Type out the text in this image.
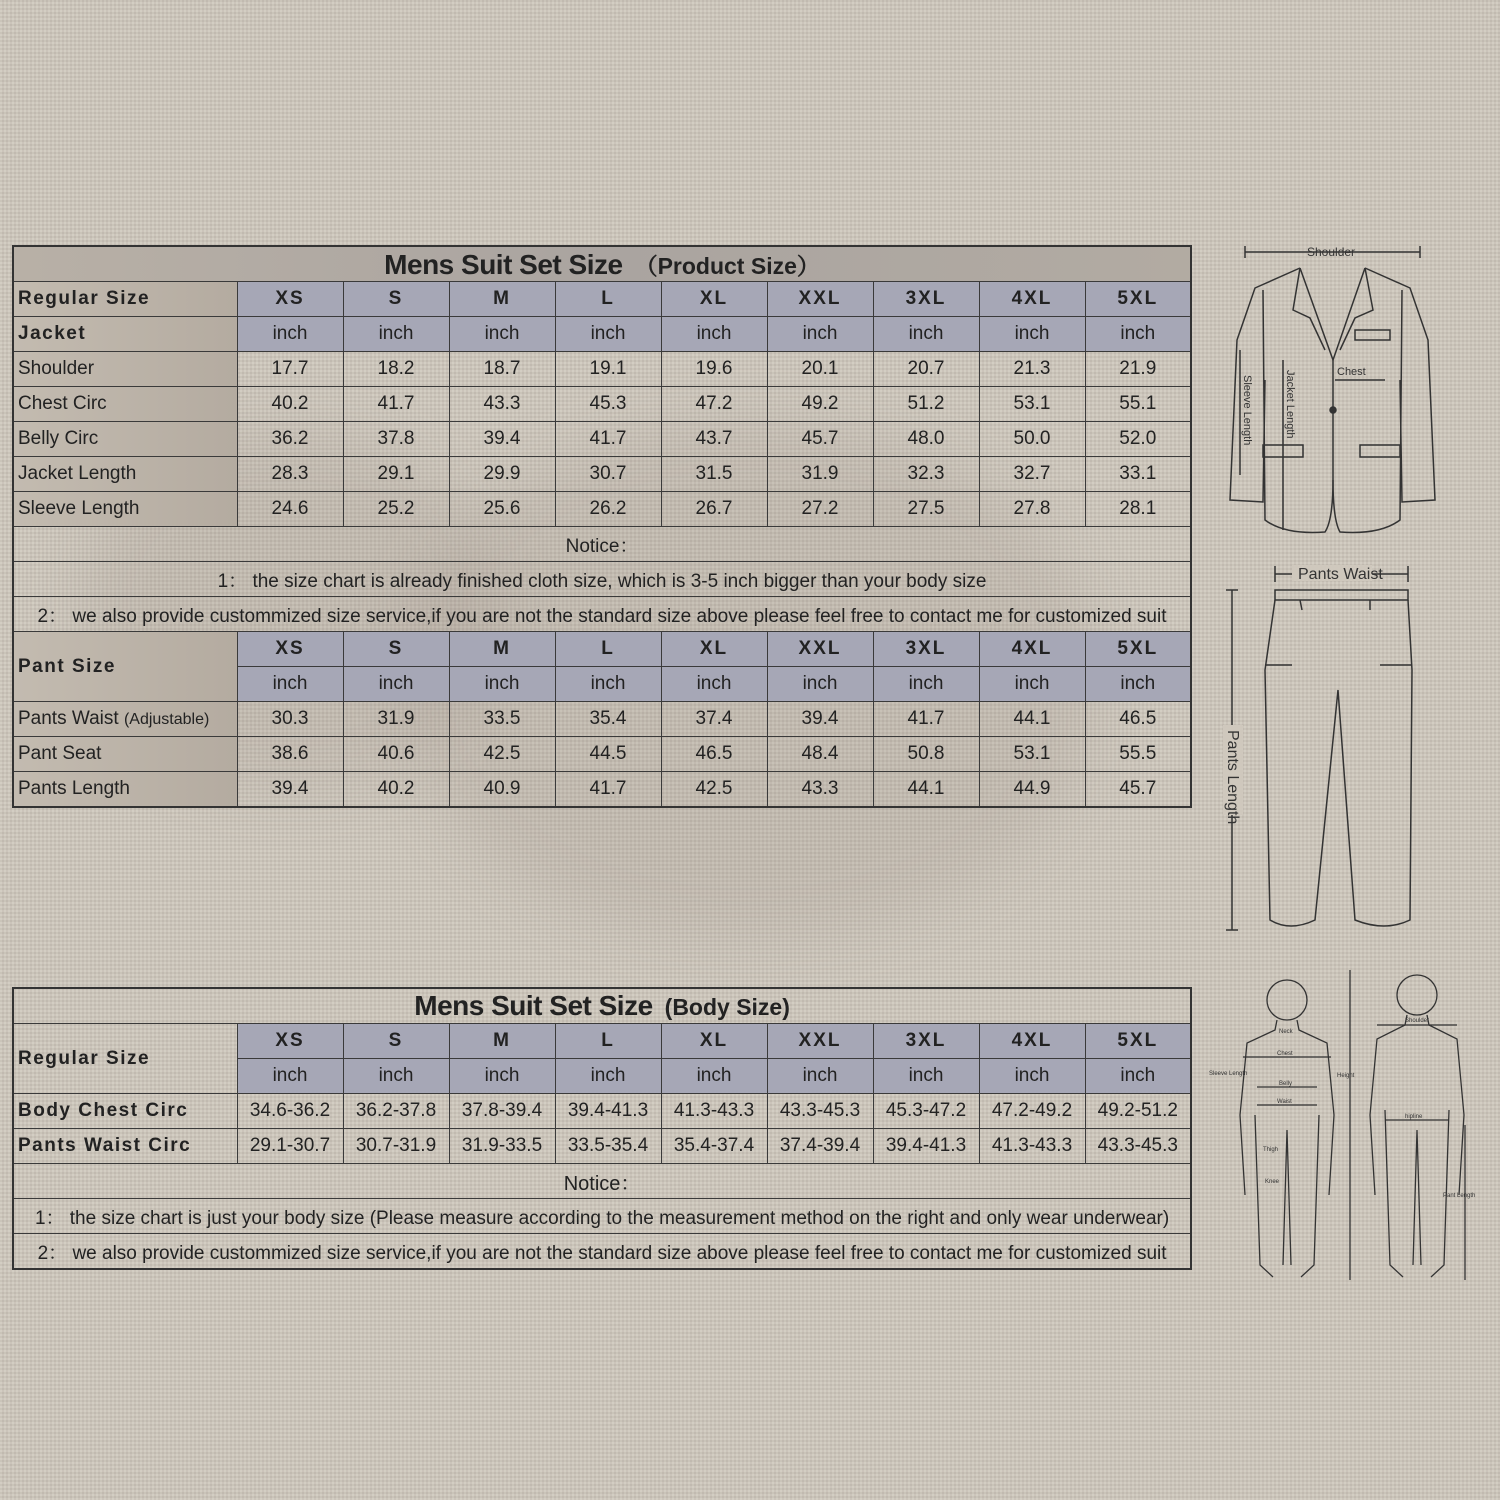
Mens Suit Set Size （Product Size）									
Regular Size	XS	S	M	L	XL	XXL	3XL	4XL	5XL
Jacket	inch	inch	inch	inch	inch	inch	inch	inch	inch
Shoulder	17.7	18.2	18.7	19.1	19.6	20.1	20.7	21.3	21.9
Chest Circ	40.2	41.7	43.3	45.3	47.2	49.2	51.2	53.1	55.1
Belly Circ	36.2	37.8	39.4	41.7	43.7	45.7	48.0	50.0	52.0
Jacket Length	28.3	29.1	29.9	30.7	31.5	31.9	32.3	32.7	33.1
Sleeve Length	24.6	25.2	25.6	26.2	26.7	27.2	27.5	27.8	28.1
Notice：									
1： the size chart is already finished cloth size, which is 3-5 inch bigger than your body size									
2： we also provide custommized size service,if you are not the standard size above please feel free to contact me for customized suit									
Pant Size	XS	S	M	L	XL	XXL	3XL	4XL	5XL
	inch	inch	inch	inch	inch	inch	inch	inch	inch
Pants Waist (Adjustable)	30.3	31.9	33.5	35.4	37.4	39.4	41.7	44.1	46.5
Pant Seat	38.6	40.6	42.5	44.5	46.5	48.4	50.8	53.1	55.5
Pants Length	39.4	40.2	40.9	41.7	42.5	43.3	44.1	44.9	45.7
Mens Suit Set Size (Body Size)									
Regular Size	XS	S	M	L	XL	XXL	3XL	4XL	5XL
	inch	inch	inch	inch	inch	inch	inch	inch	inch
Body Chest Circ	34.6-36.2	36.2-37.8	37.8-39.4	39.4-41.3	41.3-43.3	43.3-45.3	45.3-47.2	47.2-49.2	49.2-51.2
Pants Waist Circ	29.1-30.7	30.7-31.9	31.9-33.5	33.5-35.4	35.4-37.4	37.4-39.4	39.4-41.3	41.3-43.3	43.3-45.3
Notice：									
1： the size chart is just your body size (Please measure according to the measurement method on the right and only wear underwear)									
2： we also provide custommized size service,if you are not the standard size above please feel free to contact me for customized suit									
Shoulder
Chest
Sleeve Length	Jacket Length
Pants Waist
Pants Length
Neck
Chest
Belly
Waist
Thigh
Knee
Sleeve Length	Height
Shoulder
hipline
Pant Length
